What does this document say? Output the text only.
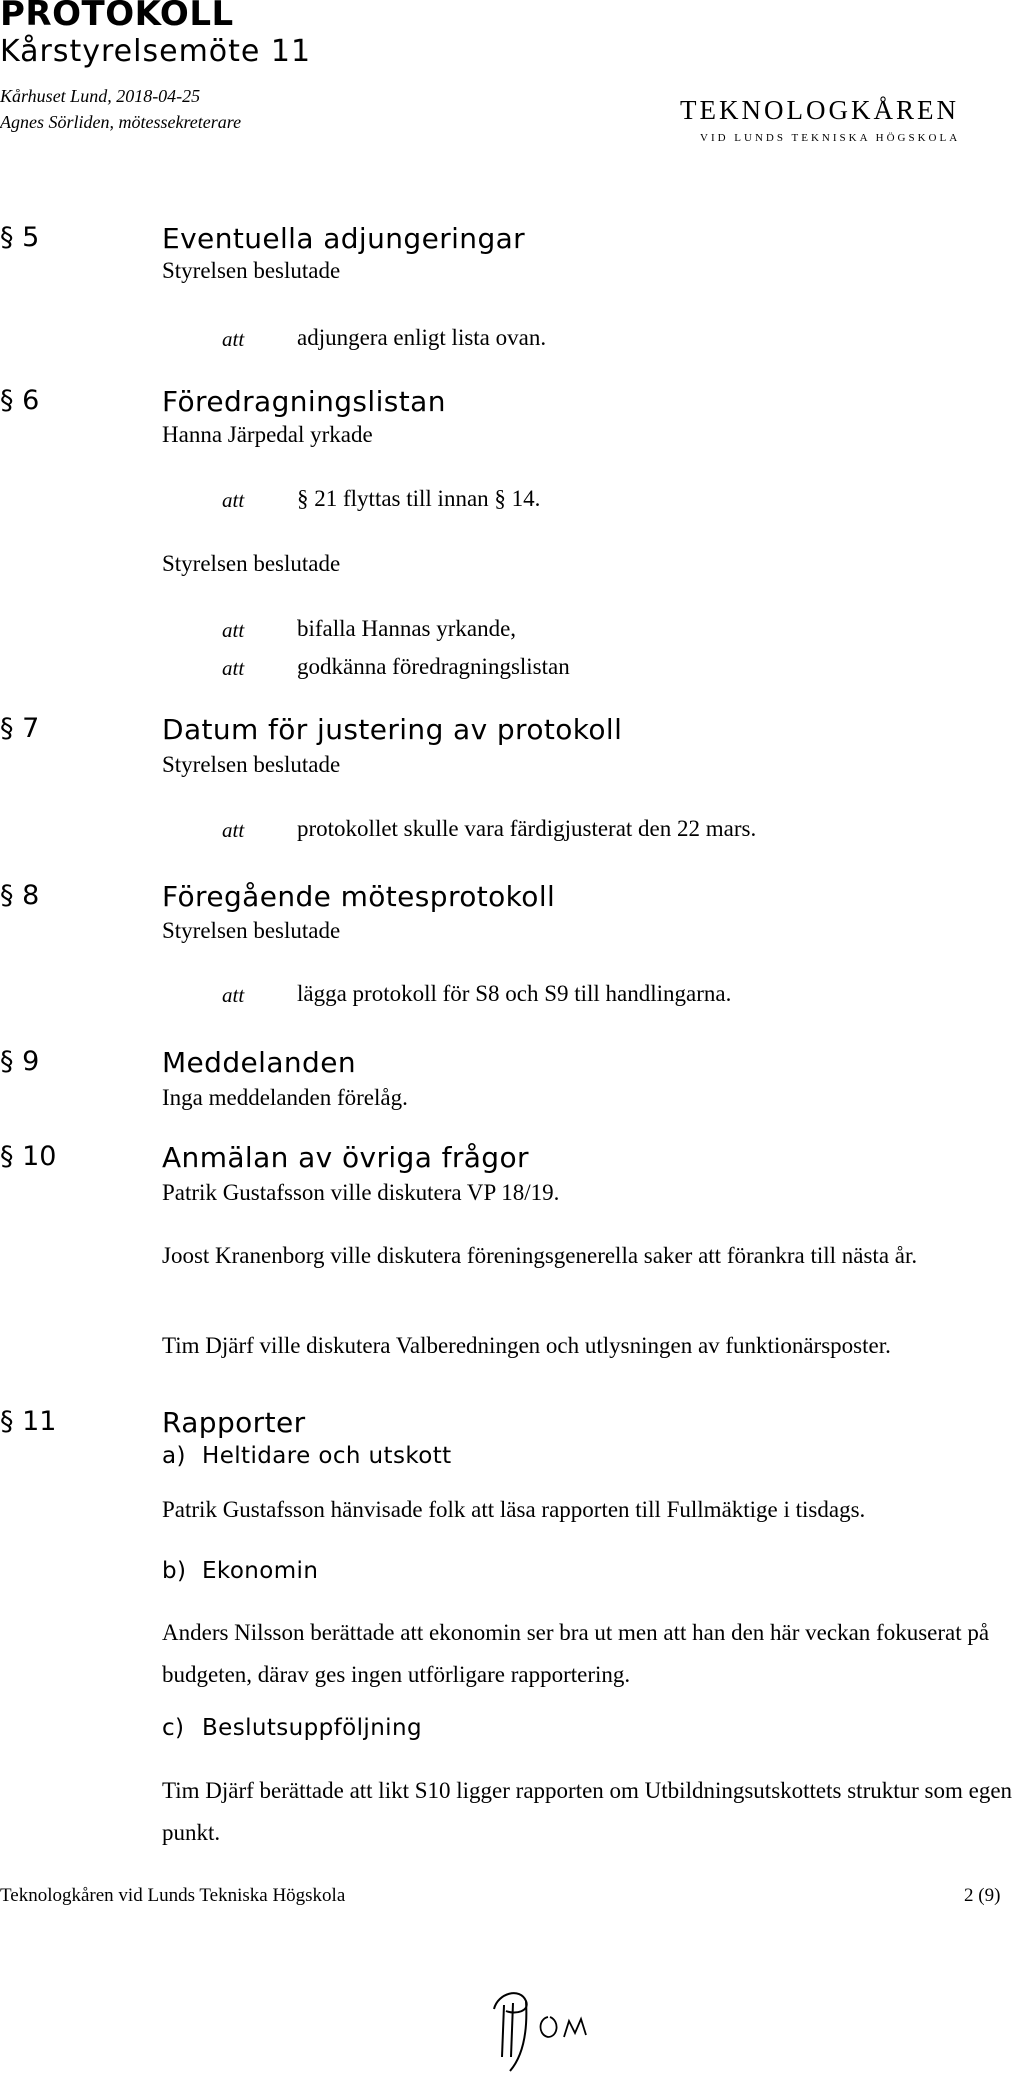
PROTOKOLL
Kårstyrelsemöte 11
Kårhuset Lund, 2018-04-25
Agnes Sörliden, mötessekreterare	TEKNOLOGKÅREN
VID LUNDS TEKNISKA HÖGSKOLA
§ 5	Eventuella adjungeringar
Styrelsen beslutade
att adjungera enligt lista ovan.
§ 6	Föredragningslistan
Hanna Järpedal yrkade
att § 21 flyttas till innan § 14.
Styrelsen beslutade
att bifalla Hannas yrkande,
att godkänna föredragningslistan
§ 7	Datum för justering av protokoll
Styrelsen beslutade
att protokollet skulle vara färdigjusterat den 22 mars.
§ 8	Föregående mötesprotokoll
Styrelsen beslutade
att lägga protokoll för S8 och S9 till handlingarna.
§ 9	Meddelanden
Inga meddelanden förelåg.
§ 10	Anmälan av övriga frågor
Patrik Gustafsson ville diskutera VP 18/19.
Joost Kranenborg ville diskutera föreningsgenerella saker att förankra till nästa år.
Tim Djärf ville diskutera Valberedningen och utlysningen av funktionärsposter.
§ 11	Rapporter
a) Heltidare och utskott
Patrik Gustafsson hänvisade folk att läsa rapporten till Fullmäktige i tisdags.
b) Ekonomin
Anders Nilsson berättade att ekonomin ser bra ut men att han den här veckan fokuserat på budgeten, därav ges ingen utförligare rapportering.
c) Beslutsuppföljning
Tim Djärf berättade att likt S10 ligger rapporten om Utbildningsutskottets struktur som egen punkt.
Teknologkåren vid Lunds Tekniska Högskola	2 (9)
